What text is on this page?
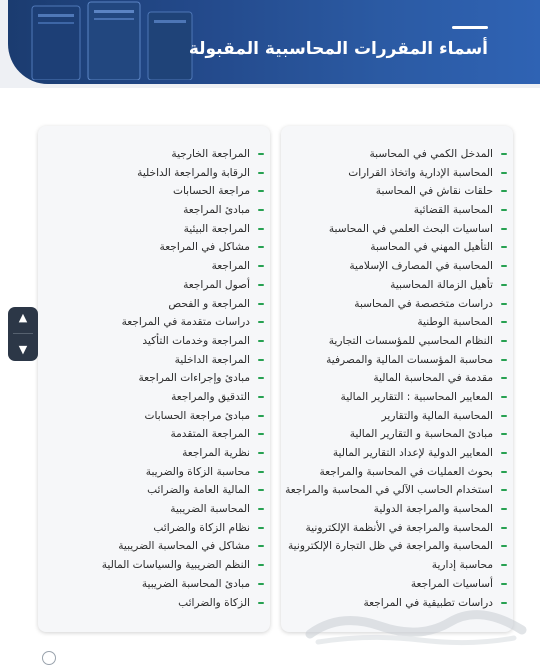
أسماء المقررات المحاسبية المقبولة
المدخل الكمي في المحاسبة
المحاسبة الإدارية واتخاذ القرارات
حلقات نقاش في المحاسبة
المحاسبة القضائية
اساسيات البحث العلمي في المحاسبة
التأهيل المهني في المحاسبة
المحاسبة في المصارف الإسلامية
تأهيل الزمالة المحاسبية
دراسات متخصصة في المحاسبة
المحاسبة الوطنية
النظام المحاسبي للمؤسسات التجارية
محاسبة المؤسسات المالية والمصرفية
مقدمة في المحاسبة المالية
المعايير المحاسبية : التقارير المالية
المحاسبة المالية والتقارير
مبادئ المحاسبة و التقارير المالية
المعايير الدولية لإعداد التقارير المالية
بحوث العمليات في المحاسبة والمراجعة
استخدام الحاسب الآلي في المحاسبة والمراجعة
المحاسبة والمراجعة الدولية
المحاسبة والمراجعة في الأنظمة الإلكترونية
المحاسبة والمراجعة في ظل التجارة الإلكترونية
محاسبة إدارية
أساسيات المراجعة
دراسات تطبيقية في المراجعة
المراجعة الخارجية
الرقابة والمراجعة الداخلية
مراجعة الحسابات
مبادئ المراجعة
المراجعة البيئية
مشاكل في المراجعة
المراجعة
أصول المراجعة
المراجعة و الفحص
دراسات متقدمة في المراجعة
المراجعة وخدمات التأكيد
المراجعة الداخلية
مبادئ وإجراءات المراجعة
التدقيق والمراجعة
مبادئ مراجعة الحسابات
المراجعة المتقدمة
نظرية المراجعة
محاسبة الزكاة والضريبة
المالية العامة والضرائب
المحاسبة الضريبية
نظام الزكاة والضرائب
مشاكل في المحاسبة الضريبية
النظم الضريبية والسياسات المالية
مبادئ المحاسبة الضريبية
الزكاة والضرائب
▲
▼
